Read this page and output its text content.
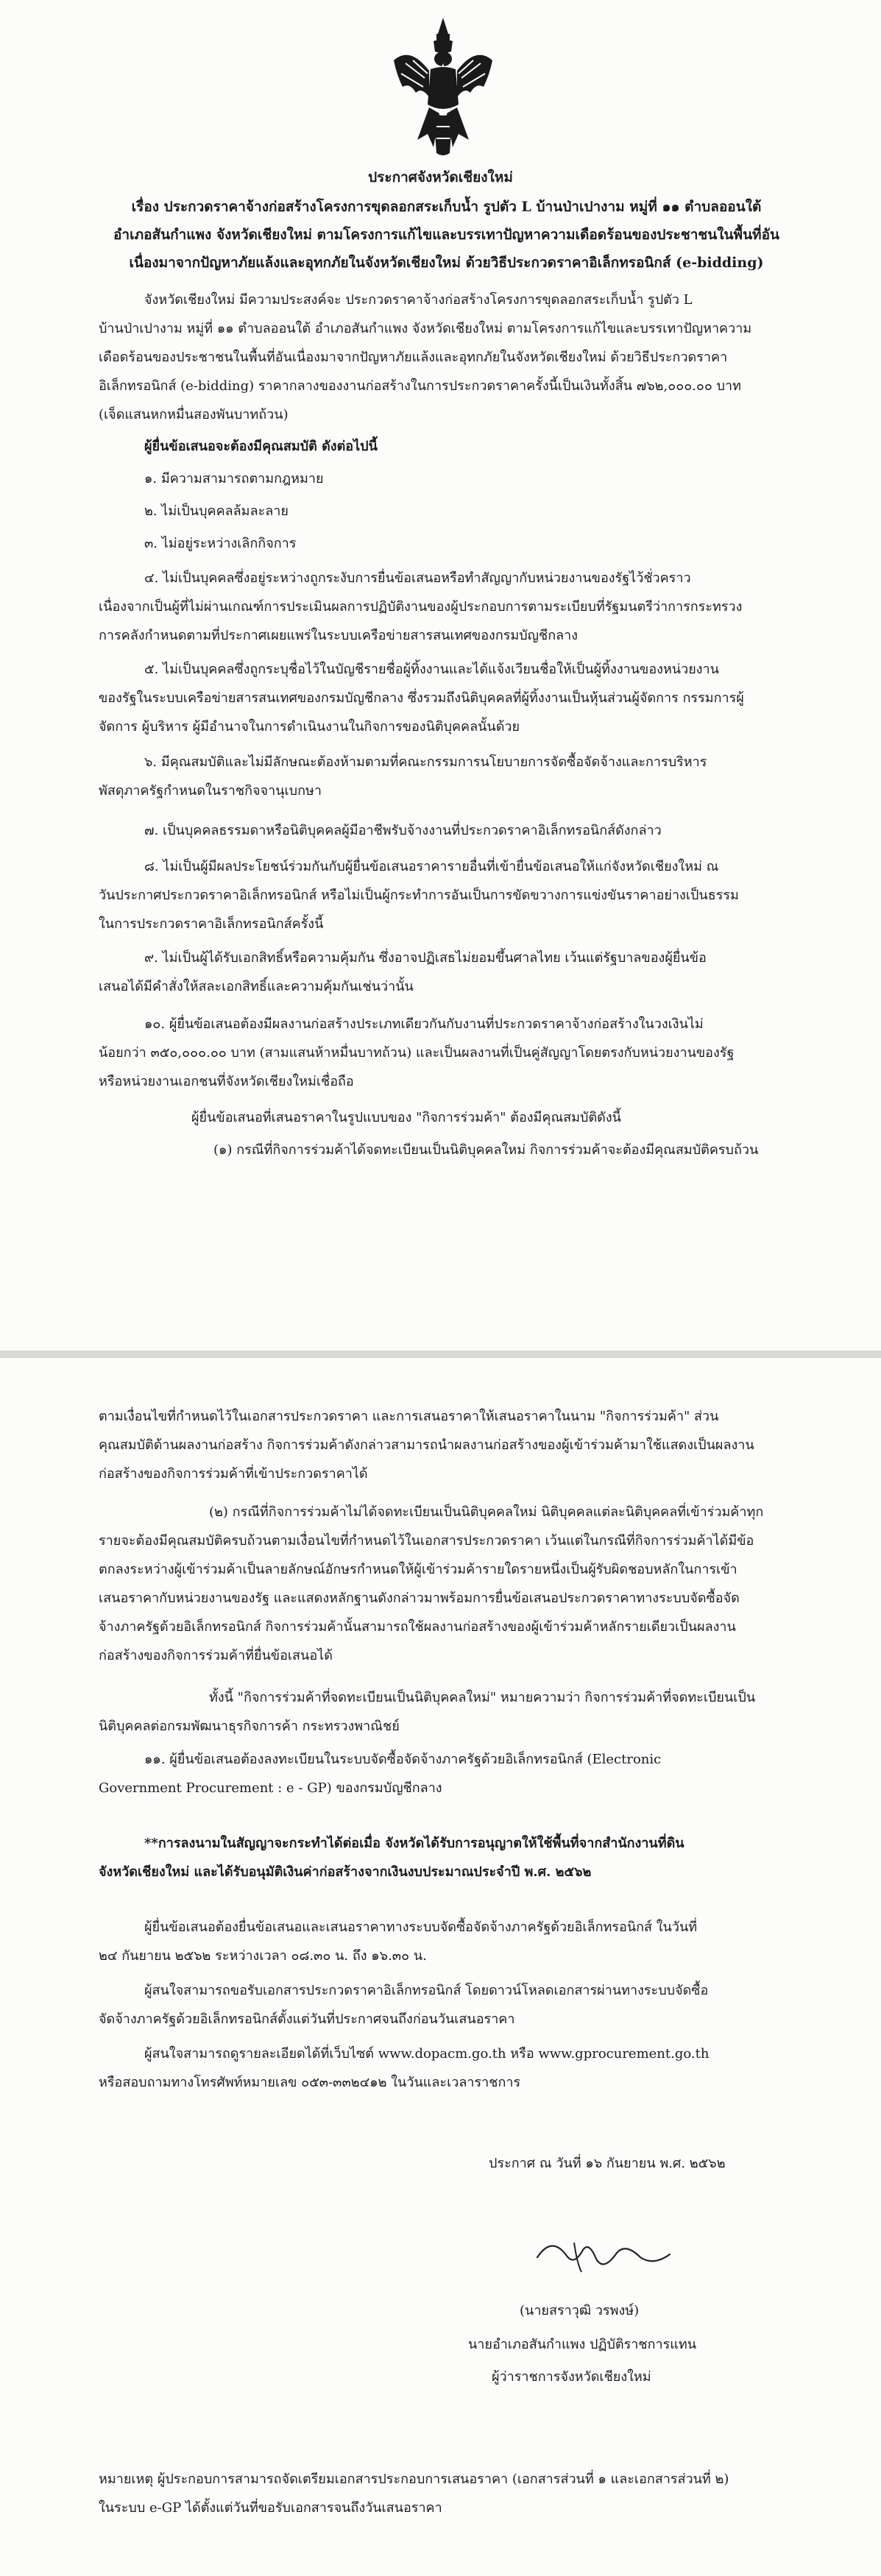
ประกาศจังหวัดเชียงใหม่
เรื่อง ประกวดราคาจ้างก่อสร้างโครงการขุดลอกสระเก็บน้ำ รูปตัว L บ้านป่าเปางาม หมู่ที่ ๑๑ ตำบลออนใต้
อำเภอสันกำแพง จังหวัดเชียงใหม่ ตามโครงการแก้ไขและบรรเทาปัญหาความเดือดร้อนของประชาชนในพื้นที่อัน
เนื่องมาจากปัญหาภัยแล้งและอุทกภัยในจังหวัดเชียงใหม่ ด้วยวิธีประกวดราคาอิเล็กทรอนิกส์ (e-bidding)
จังหวัดเชียงใหม่ มีความประสงค์จะ ประกวดราคาจ้างก่อสร้างโครงการขุดลอกสระเก็บน้ำ รูปตัว L
บ้านป่าเปางาม หมู่ที่ ๑๑ ตำบลออนใต้ อำเภอสันกำแพง จังหวัดเชียงใหม่ ตามโครงการแก้ไขและบรรเทาปัญหาความ
เดือดร้อนของประชาชนในพื้นที่อันเนื่องมาจากปัญหาภัยแล้งและอุทกภัยในจังหวัดเชียงใหม่ ด้วยวิธีประกวดราคา
อิเล็กทรอนิกส์ (e-bidding) ราคากลางของงานก่อสร้างในการประกวดราคาครั้งนี้เป็นเงินทั้งสิ้น ๗๖๒,๐๐๐.๐๐ บาท
(เจ็ดแสนหกหมื่นสองพันบาทถ้วน)
ผู้ยื่นข้อเสนอจะต้องมีคุณสมบัติ ดังต่อไปนี้
๑. มีความสามารถตามกฎหมาย
๒. ไม่เป็นบุคคลล้มละลาย
๓. ไม่อยู่ระหว่างเลิกกิจการ
๔. ไม่เป็นบุคคลซึ่งอยู่ระหว่างถูกระงับการยื่นข้อเสนอหรือทำสัญญากับหน่วยงานของรัฐไว้ชั่วคราว
เนื่องจากเป็นผู้ที่ไม่ผ่านเกณฑ์การประเมินผลการปฏิบัติงานของผู้ประกอบการตามระเบียบที่รัฐมนตรีว่าการกระทรวง
การคลังกำหนดตามที่ประกาศเผยแพร่ในระบบเครือข่ายสารสนเทศของกรมบัญชีกลาง
๕. ไม่เป็นบุคคลซึ่งถูกระบุชื่อไว้ในบัญชีรายชื่อผู้ทิ้งงานและได้แจ้งเวียนชื่อให้เป็นผู้ทิ้งงานของหน่วยงาน
ของรัฐในระบบเครือข่ายสารสนเทศของกรมบัญชีกลาง ซึ่งรวมถึงนิติบุคคลที่ผู้ทิ้งงานเป็นหุ้นส่วนผู้จัดการ กรรมการผู้
จัดการ ผู้บริหาร ผู้มีอำนาจในการดำเนินงานในกิจการของนิติบุคคลนั้นด้วย
๖. มีคุณสมบัติและไม่มีลักษณะต้องห้ามตามที่คณะกรรมการนโยบายการจัดซื้อจัดจ้างและการบริหาร
พัสดุภาครัฐกำหนดในราชกิจจานุเบกษา
๗. เป็นบุคคลธรรมดาหรือนิติบุคคลผู้มีอาชีพรับจ้างงานที่ประกวดราคาอิเล็กทรอนิกส์ดังกล่าว
๘. ไม่เป็นผู้มีผลประโยชน์ร่วมกันกับผู้ยื่นข้อเสนอราคารายอื่นที่เข้ายื่นข้อเสนอให้แก่จังหวัดเชียงใหม่ ณ
วันประกาศประกวดราคาอิเล็กทรอนิกส์ หรือไม่เป็นผู้กระทำการอันเป็นการขัดขวางการแข่งขันราคาอย่างเป็นธรรม
ในการประกวดราคาอิเล็กทรอนิกส์ครั้งนี้
๙. ไม่เป็นผู้ได้รับเอกสิทธิ์หรือความคุ้มกัน ซึ่งอาจปฏิเสธไม่ยอมขึ้นศาลไทย เว้นแต่รัฐบาลของผู้ยื่นข้อ
เสนอได้มีคำสั่งให้สละเอกสิทธิ์และความคุ้มกันเช่นว่านั้น
๑๐. ผู้ยื่นข้อเสนอต้องมีผลงานก่อสร้างประเภทเดียวกันกับงานที่ประกวดราคาจ้างก่อสร้างในวงเงินไม่
น้อยกว่า ๓๕๐,๐๐๐.๐๐ บาท (สามแสนห้าหมื่นบาทถ้วน) และเป็นผลงานที่เป็นคู่สัญญาโดยตรงกับหน่วยงานของรัฐ
หรือหน่วยงานเอกชนที่จังหวัดเชียงใหม่เชื่อถือ
ผู้ยื่นข้อเสนอที่เสนอราคาในรูปแบบของ "กิจการร่วมค้า" ต้องมีคุณสมบัติดังนี้
(๑) กรณีที่กิจการร่วมค้าได้จดทะเบียนเป็นนิติบุคคลใหม่ กิจการร่วมค้าจะต้องมีคุณสมบัติครบถ้วน
ตามเงื่อนไขที่กำหนดไว้ในเอกสารประกวดราคา และการเสนอราคาให้เสนอราคาในนาม "กิจการร่วมค้า" ส่วน
คุณสมบัติด้านผลงานก่อสร้าง กิจการร่วมค้าดังกล่าวสามารถนำผลงานก่อสร้างของผู้เข้าร่วมค้ามาใช้แสดงเป็นผลงาน
ก่อสร้างของกิจการร่วมค้าที่เข้าประกวดราคาได้
(๒) กรณีที่กิจการร่วมค้าไม่ได้จดทะเบียนเป็นนิติบุคคลใหม่ นิติบุคคลแต่ละนิติบุคคลที่เข้าร่วมค้าทุก
รายจะต้องมีคุณสมบัติครบถ้วนตามเงื่อนไขที่กำหนดไว้ในเอกสารประกวดราคา เว้นแต่ในกรณีที่กิจการร่วมค้าได้มีข้อ
ตกลงระหว่างผู้เข้าร่วมค้าเป็นลายลักษณ์อักษรกำหนดให้ผู้เข้าร่วมค้ารายใดรายหนึ่งเป็นผู้รับผิดชอบหลักในการเข้า
เสนอราคากับหน่วยงานของรัฐ และแสดงหลักฐานดังกล่าวมาพร้อมการยื่นข้อเสนอประกวดราคาทางระบบจัดซื้อจัด
จ้างภาครัฐด้วยอิเล็กทรอนิกส์ กิจการร่วมค้านั้นสามารถใช้ผลงานก่อสร้างของผู้เข้าร่วมค้าหลักรายเดียวเป็นผลงาน
ก่อสร้างของกิจการร่วมค้าที่ยื่นข้อเสนอได้
ทั้งนี้ "กิจการร่วมค้าที่จดทะเบียนเป็นนิติบุคคลใหม่" หมายความว่า กิจการร่วมค้าที่จดทะเบียนเป็น
นิติบุคคลต่อกรมพัฒนาธุรกิจการค้า กระทรวงพาณิชย์
๑๑. ผู้ยื่นข้อเสนอต้องลงทะเบียนในระบบจัดซื้อจัดจ้างภาครัฐด้วยอิเล็กทรอนิกส์ (Electronic
Government Procurement : e - GP) ของกรมบัญชีกลาง
**การลงนามในสัญญาจะกระทำได้ต่อเมื่อ จังหวัดได้รับการอนุญาตให้ใช้พื้นที่จากสำนักงานที่ดิน
จังหวัดเชียงใหม่ และได้รับอนุมัติเงินค่าก่อสร้างจากเงินงบประมาณประจำปี พ.ศ. ๒๕๖๒
ผู้ยื่นข้อเสนอต้องยื่นข้อเสนอและเสนอราคาทางระบบจัดซื้อจัดจ้างภาครัฐด้วยอิเล็กทรอนิกส์ ในวันที่
๒๔ กันยายน ๒๕๖๒ ระหว่างเวลา ๐๘.๓๐ น. ถึง ๑๖.๓๐ น.
ผู้สนใจสามารถขอรับเอกสารประกวดราคาอิเล็กทรอนิกส์ โดยดาวน์โหลดเอกสารผ่านทางระบบจัดซื้อ
จัดจ้างภาครัฐด้วยอิเล็กทรอนิกส์ตั้งแต่วันที่ประกาศจนถึงก่อนวันเสนอราคา
ผู้สนใจสามารถดูรายละเอียดได้ที่เว็บไซต์ www.dopacm.go.th หรือ www.gprocurement.go.th
หรือสอบถามทางโทรศัพท์หมายเลข ๐๕๓-๓๓๒๔๑๒ ในวันและเวลาราชการ
ประกาศ ณ วันที่ ๑๖ กันยายน พ.ศ. ๒๕๖๒
(นายสราวุฒิ วรพงษ์)
นายอำเภอสันกำแพง ปฏิบัติราชการแทน
ผู้ว่าราชการจังหวัดเชียงใหม่
หมายเหตุ ผู้ประกอบการสามารถจัดเตรียมเอกสารประกอบการเสนอราคา (เอกสารส่วนที่ ๑ และเอกสารส่วนที่ ๒)
ในระบบ e-GP ได้ตั้งแต่วันที่ขอรับเอกสารจนถึงวันเสนอราคา
